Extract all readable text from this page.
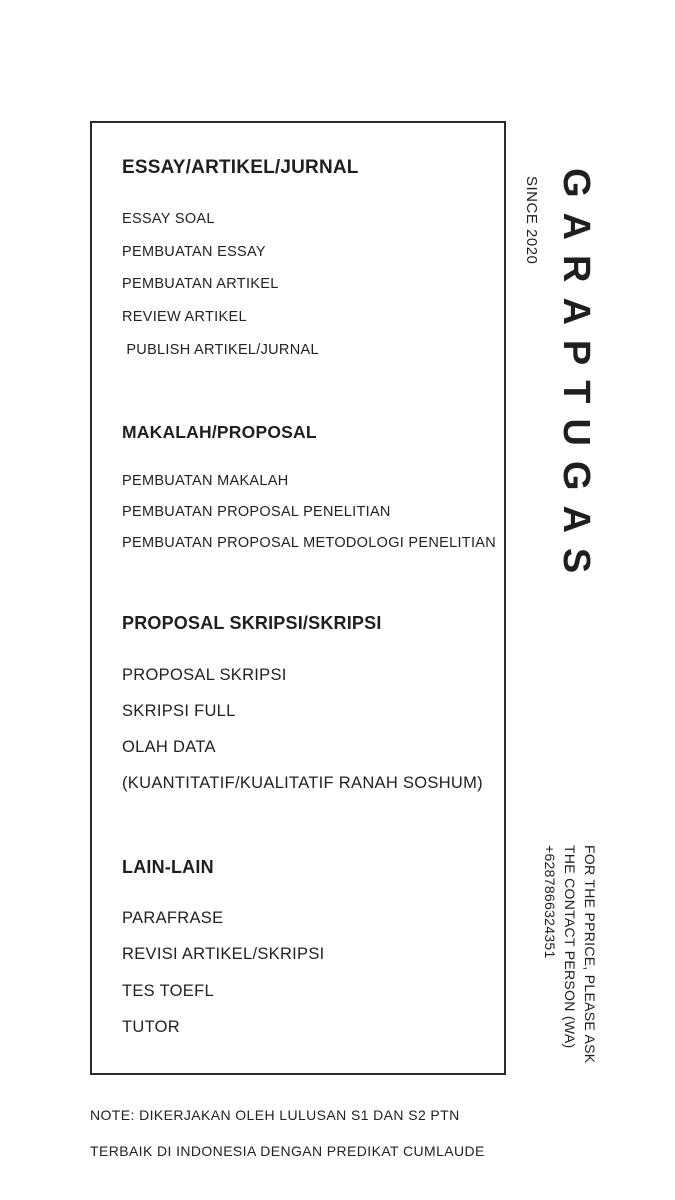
ESSAY/ARTIKEL/JURNAL
ESSAY SOAL
PEMBUATAN ESSAY
PEMBUATAN ARTIKEL
REVIEW ARTIKEL
PUBLISH ARTIKEL/JURNAL
MAKALAH/PROPOSAL
PEMBUATAN MAKALAH
PEMBUATAN PROPOSAL PENELITIAN
PEMBUATAN PROPOSAL METODOLOGI PENELITIAN
PROPOSAL SKRIPSI/SKRIPSI
PROPOSAL SKRIPSI
SKRIPSI FULL
OLAH DATA
(KUANTITATIF/KUALITATIF RANAH SOSHUM)
LAIN-LAIN
PARAFRASE
REVISI ARTIKEL/SKRIPSI
TES TOEFL
TUTOR
GARAPTUGAS
SINCE 2020
FOR THE PPRICE, PLEASE ASK
THE CONTACT PERSON (WA)
+6287866324351
NOTE: DIKERJAKAN OLEH LULUSAN S1 DAN S2 PTN
TERBAIK DI INDONESIA DENGAN PREDIKAT CUMLAUDE
